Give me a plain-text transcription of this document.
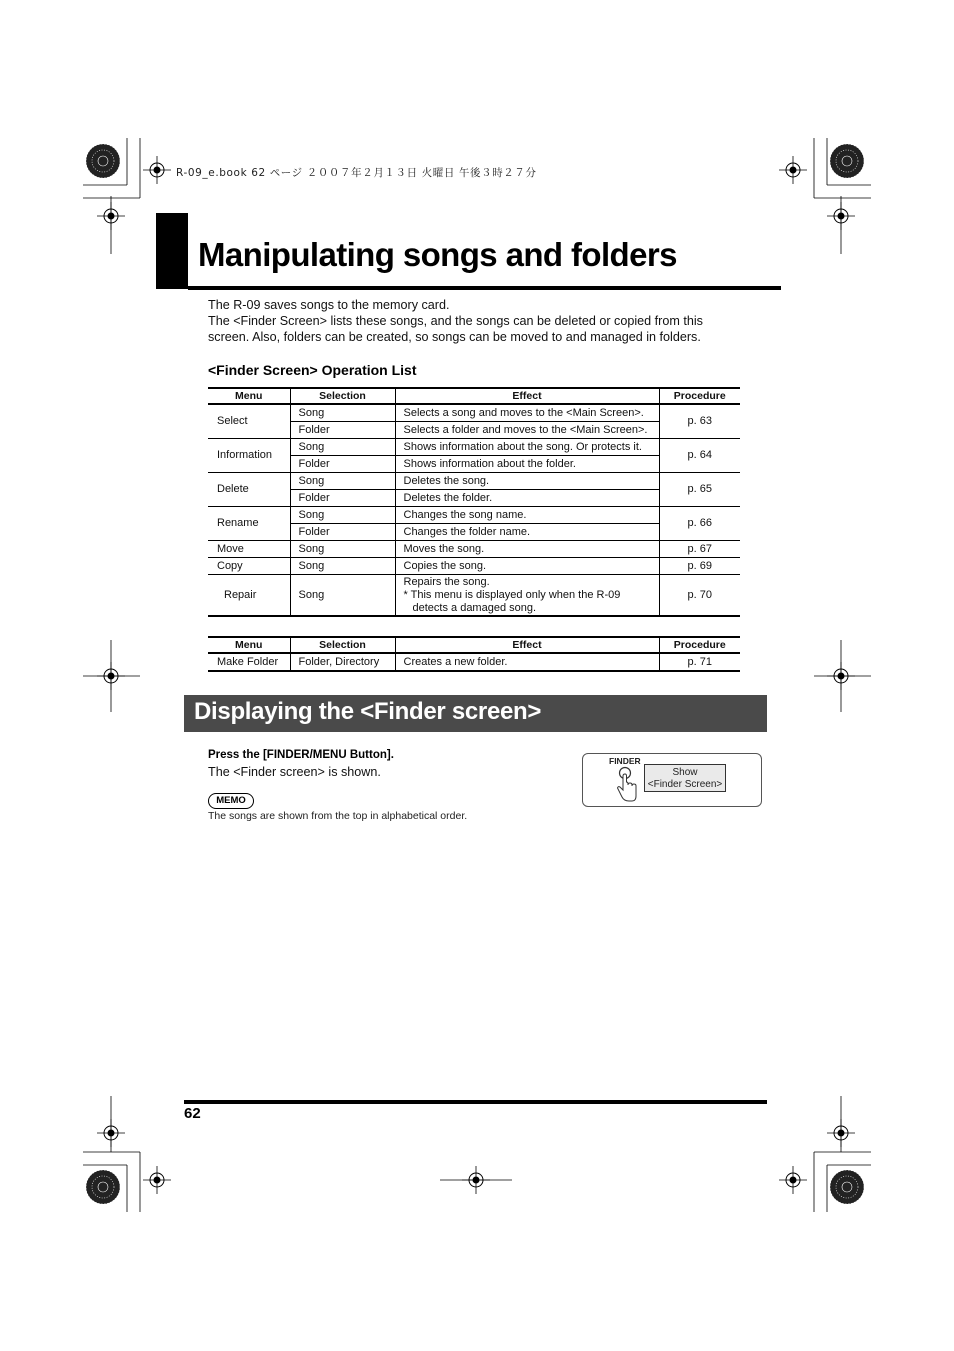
R-09_e.book 62 ページ ２００７年２月１３日 火曜日 午後３時２７分
Manipulating songs and folders
The R-09 saves songs to the memory card.
The <Finder Screen> lists these songs, and the songs can be deleted or copied from this
screen. Also, folders can be created, so songs can be moved to and managed in folders.
<Finder Screen> Operation List
Menu	Selection	Effect	Procedure
Select	Song	Selects a song and moves to the <Main Screen>.	p. 63
	Folder	Selects a folder and moves to the <Main Screen>.	
Information	Song	Shows information about the song. Or protects it.	p. 64
	Folder	Shows information about the folder.	
Delete	Song	Deletes the song.	p. 65
	Folder	Deletes the folder.	
Rename	Song	Changes the song name.	p. 66
	Folder	Changes the folder name.	
Move	Song	Moves the song.	p. 67
Copy	Song	Copies the song.	p. 69
Repair	Song	Repairs the song.
* This menu is displayed only when the R-09
detects a damaged song.	p. 70
Menu	Selection	Effect	Procedure
Make Folder	Folder, Directory	Creates a new folder.	p. 71
Displaying the <Finder screen>
Press the [FINDER/MENU Button].
The <Finder screen> is shown.
MEMO
The songs are shown from the top in alphabetical order.
FINDER
Show
<Finder Screen>
62
